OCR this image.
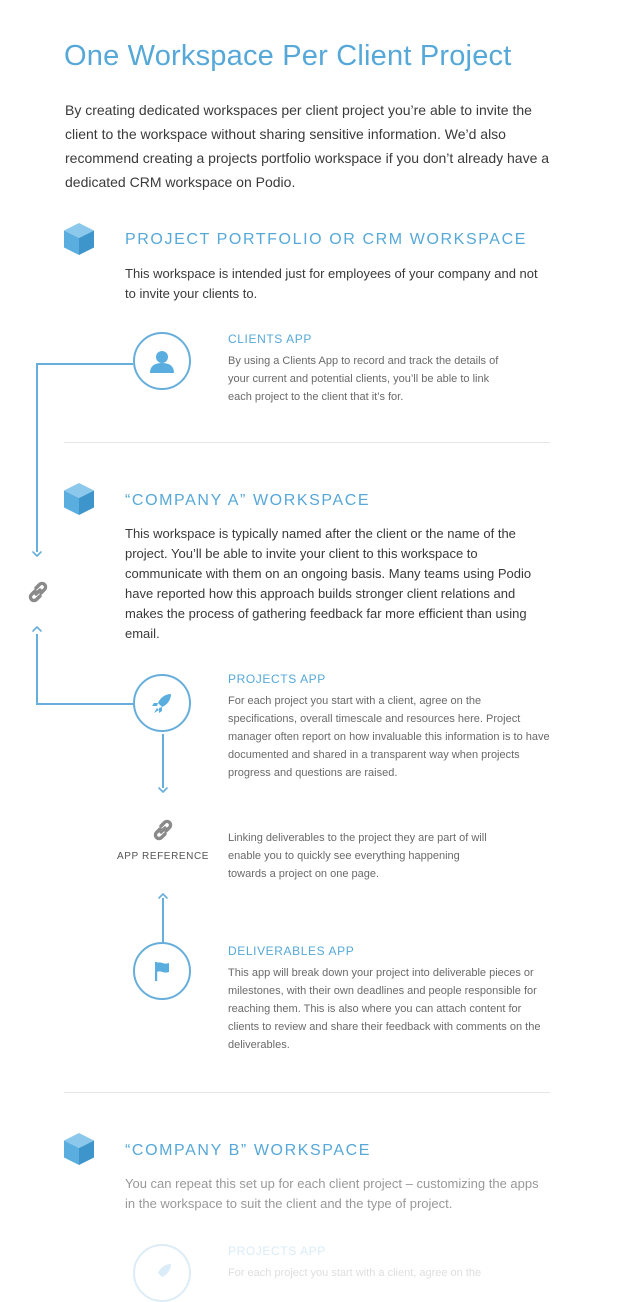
One Workspace Per Client Project

By creating dedicated workspaces per client project you’re able to invite the client to the workspace without sharing sensitive information. We’d also recommend creating a projects portfolio workspace if you don’t already have a dedicated CRM workspace on Podio.

PROJECT PORTFOLIO OR CRM WORKSPACE

This workspace is intended just for employees of your company and not to invite your clients to.

CLIENTS APP

By using a Clients App to record and track the details of your current and potential clients, you’ll be able to link each project to the client that it’s for.

“COMPANY A” WORKSPACE

This workspace is typically named after the client or the name of the project. You’ll be able to invite your client to this workspace to communicate with them on an ongoing basis. Many teams using Podio have reported how this approach builds stronger client relations and makes the process of gathering feedback far more efficient than using email.

PROJECTS APP

For each project you start with a client, agree on the specifications, overall timescale and resources here. Project manager often report on how invaluable this information is to have documented and shared in a transparent way when projects progress and questions are raised.

APP REFERENCE

Linking deliverables to the project they are part of will enable you to quickly see everything happening towards a project on one page.

DELIVERABLES APP

This app will break down your project into deliverable pieces or milestones, with their own deadlines and people responsible for reaching them. This is also where you can attach content for clients to review and share their feedback with comments on the deliverables.

“COMPANY B” WORKSPACE

You can repeat this set up for each client project – customizing the apps in the workspace to suit the client and the type of project.

PROJECTS APP

For each project you start with a client, agree on the
